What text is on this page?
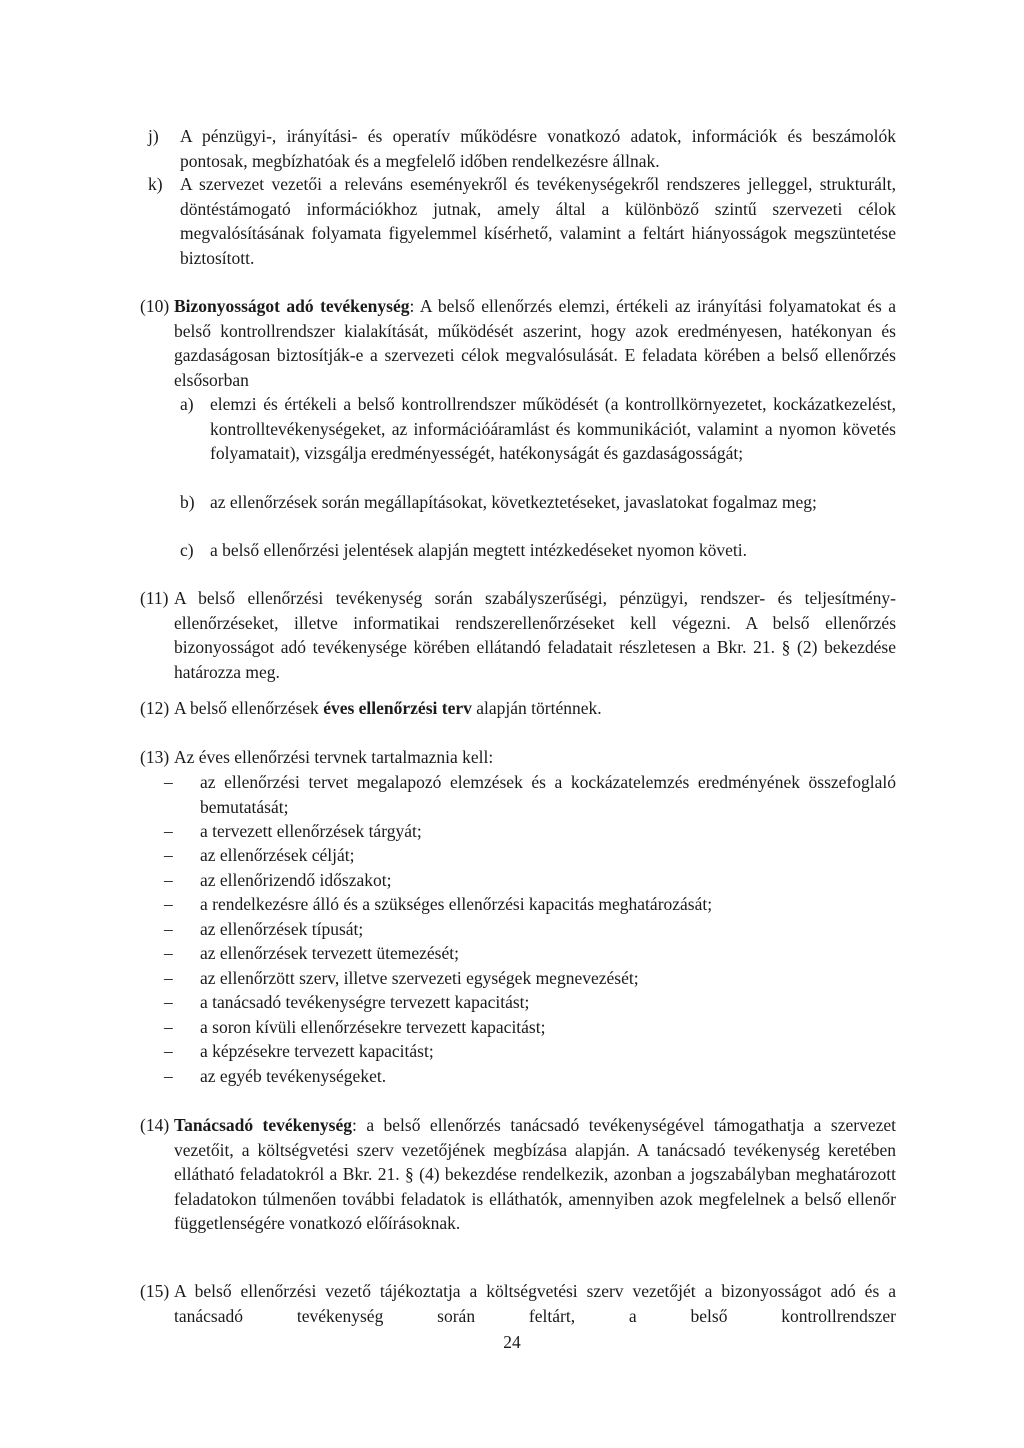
j) A pénzügyi-, irányítási- és operatív működésre vonatkozó adatok, információk és beszámolók pontosak, megbízhatóak és a megfelelő időben rendelkezésre állnak.
k) A szervezet vezetői a releváns eseményekről és tevékenységekről rendszeres jelleggel, strukturált, döntéstámogató információkhoz jutnak, amely által a különböző szintű szervezeti célok megvalósításának folyamata figyelemmel kísérhető, valamint a feltárt hiányosságok megszüntetése biztosított.
(10) Bizonyosságot adó tevékenység: A belső ellenőrzés elemzi, értékeli az irányítási folyamatokat és a belső kontrollrendszer kialakítását, működését aszerint, hogy azok eredményesen, hatékonyan és gazdaságosan biztosítják-e a szervezeti célok megvalósulását. E feladata körében a belső ellenőrzés elsősorban
a) elemzi és értékeli a belső kontrollrendszer működését (a kontrollkörnyezetet, kockázatkezelést, kontrolltevékenységeket, az információáramlást és kommunikációt, valamint a nyomon követés folyamatait), vizsgálja eredményességét, hatékonyságát és gazdaságosságát;
b) az ellenőrzések során megállapításokat, következtetéseket, javaslatokat fogalmaz meg;
c) a belső ellenőrzési jelentések alapján megtett intézkedéseket nyomon követi.
(11) A belső ellenőrzési tevékenység során szabályszerűségi, pénzügyi, rendszer- és teljesítmény-ellenőrzéseket, illetve informatikai rendszerellenőrzéseket kell végezni. A belső ellenőrzés bizonyosságot adó tevékenysége körében ellátandó feladatait részletesen a Bkr. 21. § (2) bekezdése határozza meg.
(12) A belső ellenőrzések éves ellenőrzési terv alapján történnek.
(13) Az éves ellenőrzési tervnek tartalmaznia kell:
– az ellenőrzési tervet megalapozó elemzések és a kockázatelemzés eredményének összefoglaló bemutatását;
– a tervezett ellenőrzések tárgyát;
– az ellenőrzések célját;
– az ellenőrizendő időszakot;
– a rendelkezésre álló és a szükséges ellenőrzési kapacitás meghatározását;
– az ellenőrzések típusát;
– az ellenőrzések tervezett ütemezését;
– az ellenőrzött szerv, illetve szervezeti egységek megnevezését;
– a tanácsadó tevékenységre tervezett kapacitást;
– a soron kívüli ellenőrzésekre tervezett kapacitást;
– a képzésekre tervezett kapacitást;
– az egyéb tevékenységeket.
(14) Tanácsadó tevékenység: a belső ellenőrzés tanácsadó tevékenységével támogathatja a szervezet vezetőit, a költségvetési szerv vezetőjének megbízása alapján. A tanácsadó tevékenység keretében ellátható feladatokról a Bkr. 21. § (4) bekezdése rendelkezik, azonban a jogszabályban meghatározott feladatokon túlmenően további feladatok is elláthatók, amennyiben azok megfelelnek a belső ellenőr függetlenségére vonatkozó előírásoknak.
(15) A belső ellenőrzési vezető tájékoztatja a költségvetési szerv vezetőjét a bizonyosságot adó és a tanácsadó tevékenység során feltárt, a belső kontrollrendszer
24
